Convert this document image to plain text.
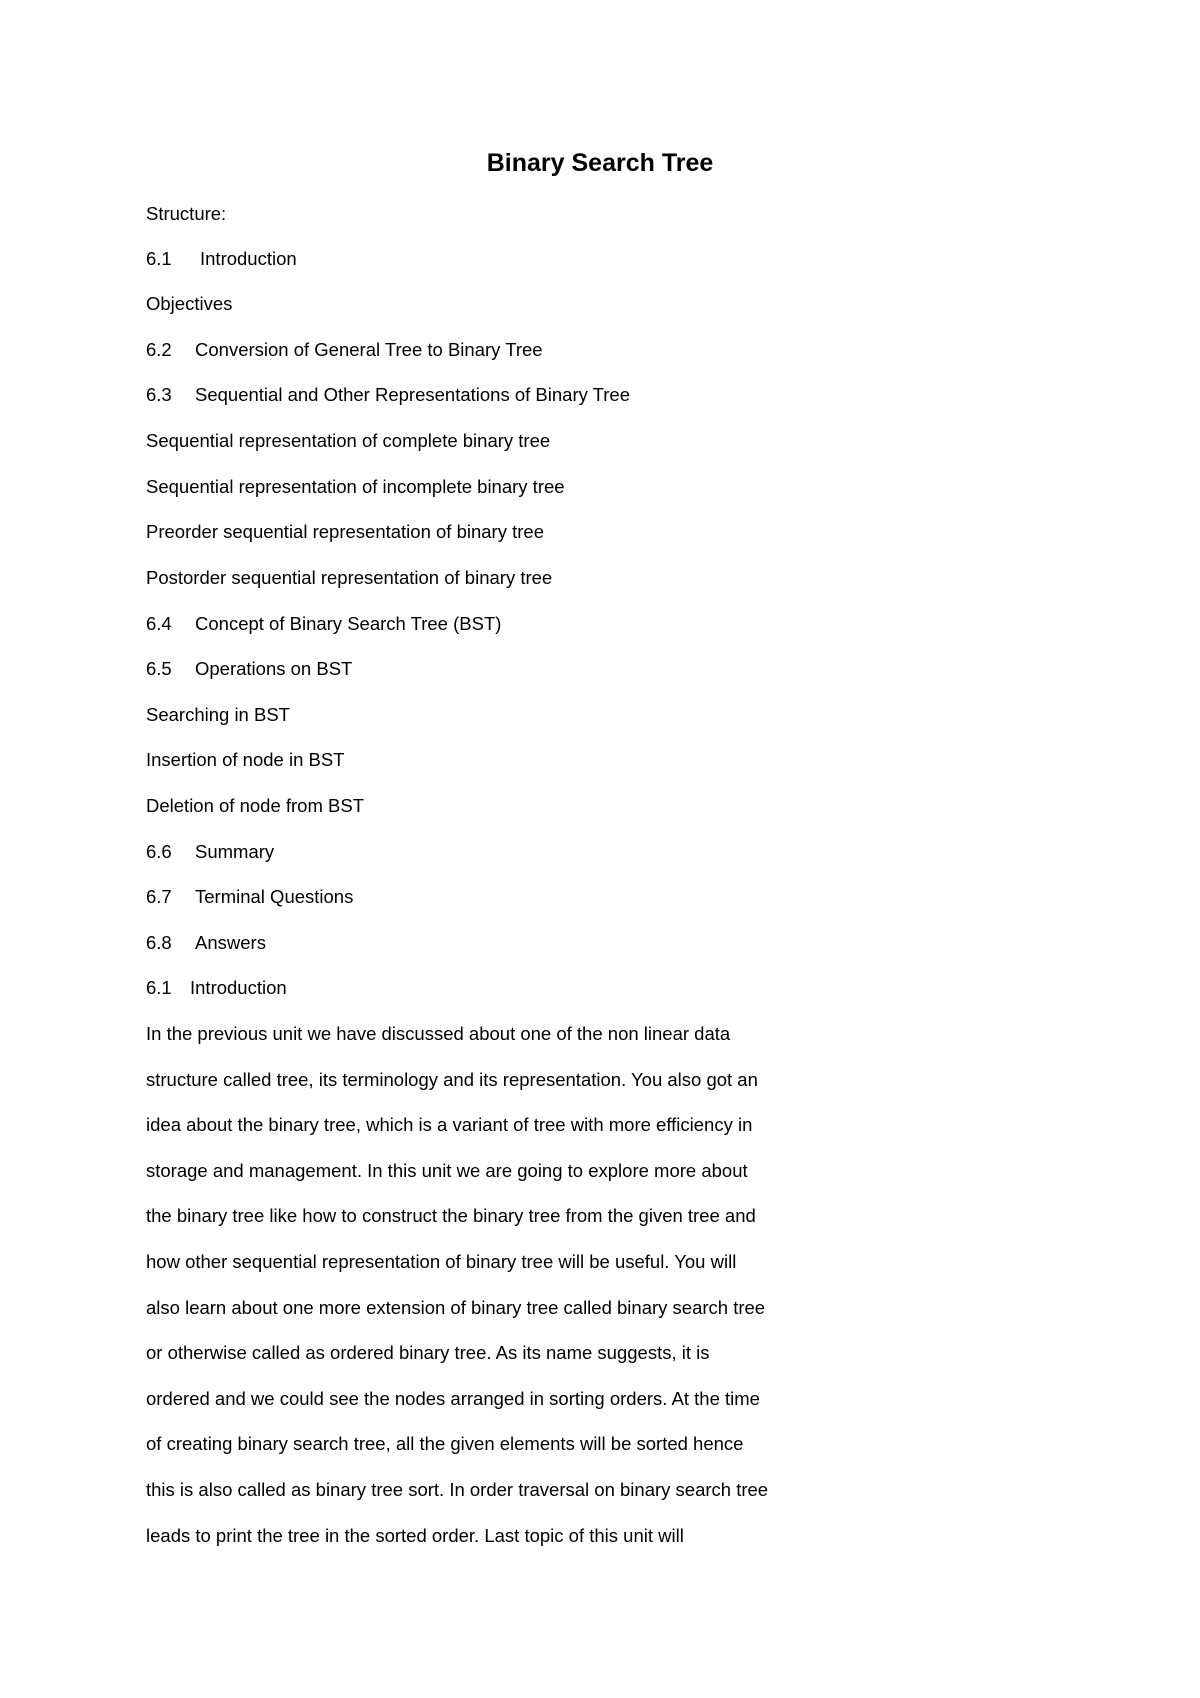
Binary Search Tree

Structure:

6.1 Introduction

Objectives

6.2 Conversion of General Tree to Binary Tree

6.3 Sequential and Other Representations of Binary Tree

Sequential representation of complete binary tree

Sequential representation of incomplete binary tree

Preorder sequential representation of binary tree

Postorder sequential representation of binary tree

6.4 Concept of Binary Search Tree (BST)

6.5 Operations on BST

Searching in BST

Insertion of node in BST

Deletion of node from BST

6.6 Summary

6.7 Terminal Questions

6.8 Answers

6.1 Introduction

In the previous unit we have discussed about one of the non linear data

structure called tree, its terminology and its representation. You also got an

idea about the binary tree, which is a variant of tree with more efficiency in

storage and management. In this unit we are going to explore more about

the binary tree like how to construct the binary tree from the given tree and

how other sequential representation of binary tree will be useful. You will

also learn about one more extension of binary tree called binary search tree

or otherwise called as ordered binary tree. As its name suggests, it is

ordered and we could see the nodes arranged in sorting orders. At the time

of creating binary search tree, all the given elements will be sorted hence

this is also called as binary tree sort. In order traversal on binary search tree

leads to print the tree in the sorted order. Last topic of this unit will
